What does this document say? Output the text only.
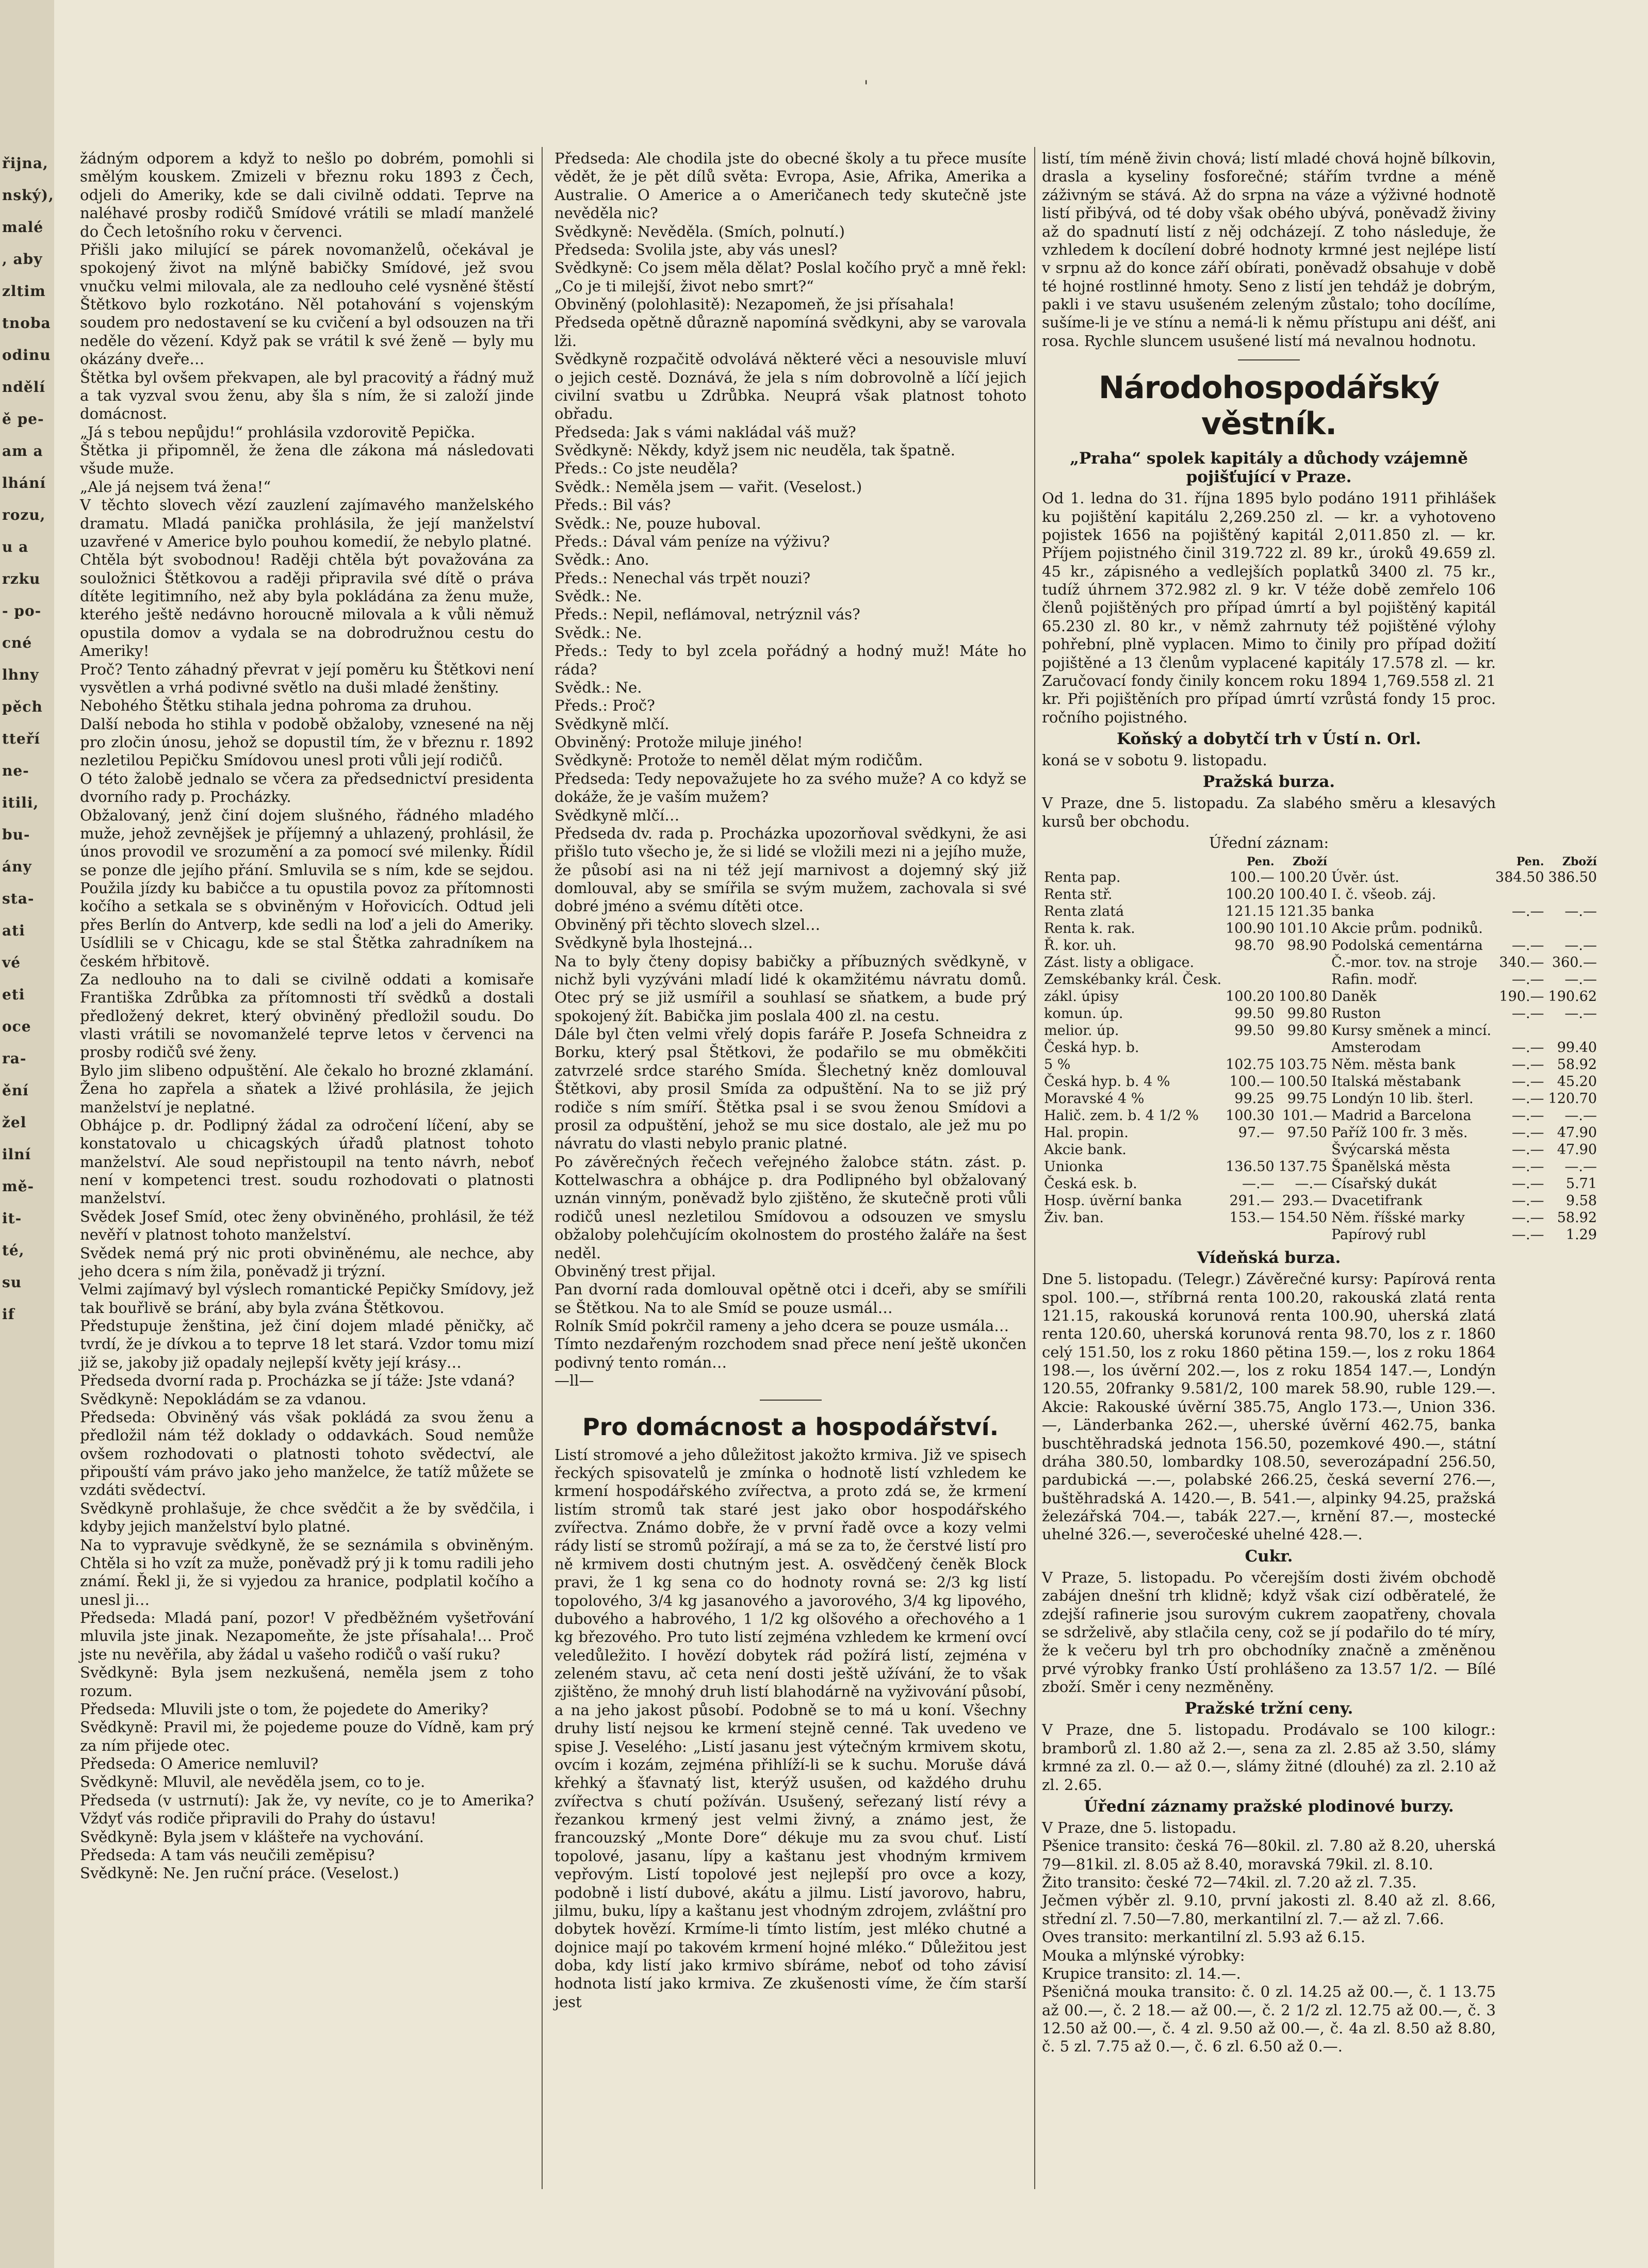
řijna,
nský),
malé
, aby
zltim
tnoba
odinu
ndělí
ě pe-
am a
lhání
rozu,
u a
rzku
- po-
cné
lhny
pěch
tteří
ne-
itili,
bu-
ány
sta-
ati
vé
eti
oce
ra-
ění
žel
ilní
mě-
it-
té,
su
if
'

žádným odporem a když to nešlo po dobrém, pomohli si smělým kouskem. Zmizeli v březnu roku 1893 z Čech, odjeli do Ameriky, kde se dali civilně oddati. Teprve na naléhavé prosby rodičů Smídové vrátili se mladí manželé do Čech letošního roku v červenci.
Přišli jako milující se párek novomanželů, očekával je spokojený život na mlýně babičky Smídové, jež svou vnučku velmi milovala, ale za nedlouho celé vysněné štěstí Štětkovo bylo rozkotáno. Něl potahování s vojenským soudem pro nedostavení se ku cvičení a byl odsouzen na tři neděle do vězení. Když pak se vrátil k své ženě — byly mu okázány dveře…
Štětka byl ovšem překvapen, ale byl pracovitý a řádný muž a tak vyzval svou ženu, aby šla s ním, že si založí jinde domácnost.
„Já s tebou nepůjdu!“ prohlásila vzdorovitě Pepička.
Štětka ji připomněl, že žena dle zákona má následovati všude muže.
„Ale já nejsem tvá žena!“
V těchto slovech vězí zauzlení zajímavého manželského dramatu. Mladá panička prohlásila, že její manželství uzavřené v Americe bylo pouhou komedií, že nebylo platné.
Chtěla být svobodnou! Raději chtěla být považována za souložnici Štětkovou a raději připravila své dítě o práva dítěte legitimního, než aby byla pokládána za ženu muže, kterého ještě nedávno horoucně milovala a k vůli němuž opustila domov a vydala se na dobrodružnou cestu do Ameriky!
Proč? Tento záhadný převrat v její poměru ku Štětkovi není vysvětlen a vrhá podivné světlo na duši mladé ženštiny.
Nebohého Štětku stihala jedna pohroma za druhou.
Další neboda ho stihla v podobě obžaloby, vznesené na něj pro zločin únosu, jehož se dopustil tím, že v březnu r. 1892 nezletilou Pepičku Smídovou unesl proti vůli její rodičů.
O této žalobě jednalo se včera za předsednictví presidenta dvorního rady p. Procházky.
Obžalovaný, jenž činí dojem slušného, řádného mladého muže, jehož zevnějšek je příjemný a uhlazený, prohlásil, že únos provodil ve srozumění a za pomocí své milenky. Řídil se ponze dle jejího přání. Smluvila se s ním, kde se sejdou. Použila jízdy ku babičce a tu opustila povoz za přítomnosti kočího a setkala se s obviněným v Hořovicích. Odtud jeli přes Berlín do Antverp, kde sedli na loď a jeli do Ameriky. Usídlili se v Chicagu, kde se stal Štětka zahradníkem na českém hřbitově.
Za nedlouho na to dali se civilně oddati a komisaře Františka Zdrůbka za přítomnosti tří svědků a dostali předložený dekret, který obviněný předložil soudu. Do vlasti vrátili se novomanželé teprve letos v červenci na prosby rodičů své ženy.
Bylo jim slibeno odpuštění. Ale čekalo ho brozné zklamání. Žena ho zapřela a sňatek a lživé prohlásila, že jejich manželství je neplatné.
Obhájce p. dr. Podlipný žádal za odročení líčení, aby se konstatovalo u chicagských úřadů platnost tohoto manželství. Ale soud nepřistoupil na tento návrh, neboť není v kompetenci trest. soudu rozhodovati o platnosti manželství.
Svědek Josef Smíd, otec ženy obviněného, prohlásil, že též nevěří v platnost tohoto manželství.
Svědek nemá prý nic proti obviněnému, ale nechce, aby jeho dcera s ním žila, poněvadž ji trýzní.
Velmi zajímavý byl výslech romantické Pepičky Smídovy, jež tak bouřlivě se brání, aby byla zvána Štětkovou.
Předstupuje ženština, jež činí dojem mladé pěničky, ač tvrdí, že je dívkou a to teprve 18 let stará. Vzdor tomu mizí již se, jakoby již opadaly nejlepší květy její krásy…
Předseda dvorní rada p. Procházka se jí táže: Jste vdaná?
Svědkyně: Nepokládám se za vdanou.
Předseda: Obviněný vás však pokládá za svou ženu a předložil nám též doklady o oddavkách. Soud nemůže ovšem rozhodovati o platnosti tohoto svědectví, ale připouští vám právo jako jeho manželce, že tatíž můžete se vzdáti svědectví.
Svědkyně prohlašuje, že chce svědčit a že by svědčila, i kdyby jejich manželství bylo platné.
Na to vypravuje svědkyně, že se seznámila s obviněným. Chtěla si ho vzít za muže, poněvadž prý ji k tomu radili jeho známí. Řekl ji, že si vyjedou za hranice, podplatil kočího a unesl ji…
Předseda: Mladá paní, pozor! V předběžném vyšetřování mluvila jste jinak. Nezapomeňte, že jste přísahala!… Proč jste nu nevěřila, aby žádal u vašeho rodičů o vaší ruku?
Svědkyně: Byla jsem nezkušená, neměla jsem z toho rozum.
Předseda: Mluvili jste o tom, že pojedete do Ameriky?
Svědkyně: Pravil mi, že pojedeme pouze do Vídně, kam prý za ním přijede otec.
Předseda: O Americe nemluvil?
Svědkyně: Mluvil, ale nevěděla jsem, co to je.
Předseda (v ustrnutí): Jak že, vy nevíte, co je to Amerika? Vždyť vás rodiče připravili do Prahy do ústavu!
Svědkyně: Byla jsem v klášteře na vychování.
Předseda: A tam vás neučili zeměpisu?
Svědkyně: Ne. Jen ruční práce. (Veselost.)

Předseda: Ale chodila jste do obecné školy a tu přece musíte vědět, že je pět dílů světa: Evropa, Asie, Afrika, Amerika a Australie. O Americe a o Američanech tedy skutečně jste nevěděla nic?
Svědkyně: Nevěděla. (Smích, polnutí.)
Předseda: Svolila jste, aby vás unesl?
Svědkyně: Co jsem měla dělat? Poslal kočího pryč a mně řekl: „Co je ti milejší, život nebo smrt?“
Obviněný (polohlasitě): Nezapomeň, že jsi přísahala!
Předseda opětně důrazně napomíná svědkyni, aby se varovala lži.
Svědkyně rozpačitě odvolává některé věci a nesouvisle mluví o jejich cestě. Doznává, že jela s ním dobrovolně a líčí jejich civilní svatbu u Zdrůbka. Neuprá však platnost tohoto obřadu.
Předseda: Jak s vámi nakládal váš muž?
Svědkyně: Někdy, když jsem nic neuděla, tak špatně.
Předs.: Co jste neuděla?
Svědk.: Neměla jsem — vařit. (Veselost.)
Předs.: Bil vás?
Svědk.: Ne, pouze huboval.
Předs.: Dával vám peníze na výživu?
Svědk.: Ano.
Předs.: Nenechal vás trpět nouzi?
Svědk.: Ne.
Předs.: Nepil, neflámoval, netrýznil vás?
Svědk.: Ne.
Předs.: Tedy to byl zcela pořádný a hodný muž! Máte ho ráda?
Svědk.: Ne.
Předs.: Proč?
Svědkyně mlčí.
Obviněný: Protože miluje jiného!
Svědkyně: Protože to neměl dělat mým rodičům.
Předseda: Tedy nepovažujete ho za svého muže? A co když se dokáže, že je vaším mužem?
Svědkyně mlčí…
Předseda dv. rada p. Procházka upozorňoval svědkyni, že asi přišlo tuto všecho je, že si lidé se vložili mezi ni a jejího muže, že působí asi na ni též její marnivost a dojemný ský již domlouval, aby se smířila se svým mužem, zachovala si své dobré jméno a svému dítěti otce.
Obviněný při těchto slovech slzel…
Svědkyně byla lhostejná…
Na to byly čteny dopisy babičky a příbuzných svědkyně, v nichž byli vyzýváni mladí lidé k okamžitému návratu domů. Otec prý se již usmířil a souhlasí se sňatkem, a bude prý spokojený žít. Babička jim poslala 400 zl. na cestu.
Dále byl čten velmi vřelý dopis faráře P. Josefa Schneidra z Borku, který psal Štětkovi, že podařilo se mu obměkčiti zatvrzelé srdce starého Smída. Šlechetný kněz domlouval Štětkovi, aby prosil Smída za odpuštění. Na to se již prý rodiče s ním smíří. Štětka psal i se svou ženou Smídovi a prosil za odpuštění, jehož se mu sice dostalo, ale jež mu po návratu do vlasti nebylo pranic platné.
Po závěrečných řečech veřejného žalobce státn. zást. p. Kottelwaschra a obhájce p. dra Podlipného byl obžalovaný uznán vinným, poněvadž bylo zjištěno, že skutečně proti vůli rodičů unesl nezletilou Smídovou a odsouzen ve smyslu obžaloby polehčujícím okolnostem do prostého žaláře na šest neděl.
Obviněný trest přijal.
Pan dvorní rada domlouval opětně otci i dceři, aby se smířili se Štětkou. Na to ale Smíd se pouze usmál…
Rolník Smíd pokrčil rameny a jeho dcera se pouze usmála…
Tímto nezdařeným rozchodem snad přece není ještě ukončen podivný tento román…
—ll—

Pro domácnost a hospodářství.

Listí stromové a jeho důležitost jakožto krmiva. Již ve spisech řeckých spisovatelů je zmínka o hodnotě listí vzhledem ke krmení hospodářského zvířectva, a proto zdá se, že krmení listím stromů tak staré jest jako obor hospodářského zvířectva. Známo dobře, že v první řadě ovce a kozy velmi rády listí se stromů požírají, a má se za to, že čerstvé listí pro ně krmivem dosti chutným jest. A. osvědčený čeněk Block pravi, že 1 kg sena co do hodnoty rovná se: 2/3 kg listí topolového, 3/4 kg jasanového a javorového, 3/4 kg lipového, dubového a habrového, 1 1/2 kg olšového a ořechového a 1 kg březového. Pro tuto listí zejména vzhledem ke krmení ovcí veledůležito. I hovězí dobytek rád požírá listí, zejména v zeleném stavu, ač ceta není dosti ještě užívání, že to však zjištěno, že mnohý druh listí blahodárně na vyživování působí, a na jeho jakost působí. Podobně se to má u koní. Všechny druhy listí nejsou ke krmení stejně cenné. Tak uvedeno ve spise J. Veselého: „Listí jasanu jest výtečným krmivem skotu, ovcím i kozám, zejména přihlíží-li se k suchu. Moruše dává křehký a šťavnatý list, kterýž usušen, od každého druhu zvířectva s chutí požíván. Usušený, seřezaný listí révy a řezankou krmený jest velmi živný, a známo jest, že francouzský „Monte Dore“ dékuje mu za svou chuť. Listí topolové, jasanu, lípy a kaštanu jest vhodným krmivem vepřovým. Listí topolové jest nejlepší pro ovce a kozy, podobně i listí dubové, akátu a jilmu. Listí javorovo, habru, jilmu, buku, lípy a kaštanu jest vhodným zdrojem, zvláštní pro dobytek hovězí. Krmíme-li tímto listím, jest mléko chutné a dojnice mají po takovém krmení hojné mléko.“ Důležitou jest doba, kdy listí jako krmivo sbíráme, neboť od toho závisí hodnota listí jako krmiva. Ze zkušenosti víme, že čím starší jest

listí, tím méně živin chová; listí mladé chová hojně bílkovin, drasla a kyseliny fosforečné; stářím tvrdne a méně záživným se stává. Až do srpna na váze a výživné hodnotě listí přibývá, od té doby však obého ubývá, poněvadž živiny až do spadnutí listí z něj odcházejí. Z toho následuje, že vzhledem k docílení dobré hodnoty krmné jest nejlépe listí v srpnu až do konce září obírati, poněvadž obsahuje v době té hojné rostlinné hmoty. Seno z listí jen tehdáž je dobrým, pakli i ve stavu usušeném zeleným zůstalo; toho docílíme, sušíme-li je ve stínu a nemá-li k němu přístupu ani déšť, ani rosa. Rychle sluncem usušené listí má nevalnou hodnotu.

Národohospodářský věstník.
„Praha“ spolek kapitály a důchody vzájemně pojišťující v Praze.

Od 1. ledna do 31. října 1895 bylo podáno 1911 přihlášek ku pojištění kapitálu 2,269.250 zl. — kr. a vyhotoveno pojistek 1656 na pojištěný kapitál 2,011.850 zl. — kr. Příjem pojistného činil 319.722 zl. 89 kr., úroků 49.659 zl. 45 kr., zápisného a vedlejších poplatků 3400 zl. 75 kr., tudíž úhrnem 372.982 zl. 9 kr. V téže době zemřelo 106 členů pojištěných pro případ úmrtí a byl pojištěný kapitál 65.230 zl. 80 kr., v němž zahrnuty též pojištěné výlohy pohřební, plně vyplacen. Mimo to činily pro případ dožití pojištěné a 13 členům vyplacené kapitály 17.578 zl. — kr. Zaručovací fondy činily koncem roku 1894 1,769.558 zl. 21 kr. Při pojištěních pro případ úmrtí vzrůstá fondy 15 proc. ročního pojistného.

Koňský a dobytčí trh v Ústí n. Orl.

koná se v sobotu 9. listopadu.

Pražská burza.

V Praze, dne 5. listopadu. Za slabého směru a klesavých kursů ber obchodu.

Úřední záznam:
	Pen.	Zboží		Pen.	Zboží
Renta pap.	100.—	100.20	Úvěr. úst.	384.50	386.50
Renta stř.	100.20	100.40	I. č. všeob. záj.		
Renta zlatá	121.15	121.35	banka	—.—	—.—
Renta k. rak.	100.90	101.10	Akcie prům. podniků.		
Ř. kor. uh.	98.70	98.90	Podolská cementárna	—.—	—.—
Zást. listy a obligace.			Č.-mor. tov. na stroje	340.—	360.—
Zemskébanky král. Česk.			Rafin. modř.	—.—	—.—
zákl. úpisy	100.20	100.80	Daněk	190.—	190.62
komun. úp.	99.50	99.80	Ruston	—.—	—.—
melior. úp.	99.50	99.80	Kursy směnek a mincí.		
Česká hyp. b.			Amsterodam	—.—	99.40
5 %	102.75	103.75	Něm. města bank	—.—	58.92
Česká hyp. b. 4 %	100.—	100.50	Italská městabank	—.—	45.20
Moravské 4 %	99.25	99.75	Londýn 10 lib. šterl.	—.—	120.70
Halič. zem. b. 4 1/2 %	100.30	101.—	Madrid a Barcelona	—.—	—.—
Hal. propin.	97.—	97.50	Paříž 100 fr. 3 měs.	—.—	47.90
Akcie bank.			Švýcarská města	—.—	47.90
Unionka	136.50	137.75	Španělská města	—.—	—.—
Česká esk. b.	—.—	—.—	Císařský dukát	—.—	5.71
Hosp. úvěrní banka	291.—	293.—	Dvacetifrank	—.—	9.58
Živ. ban.	153.—	154.50	Něm. říšské marky	—.—	58.92
			Papírový rubl	—.—	1.29
Vídeňská burza.

Dne 5. listopadu. (Telegr.) Závěrečné kursy: Papírová renta spol. 100.—, stříbrná renta 100.20, rakouská zlatá renta 121.15, rakouská korunová renta 100.90, uherská zlatá renta 120.60, uherská korunová renta 98.70, los z r. 1860 celý 151.50, los z roku 1860 pětina 159.—, los z roku 1864 198.—, los úvěrní 202.—, los z roku 1854 147.—, Londýn 120.55, 20franky 9.581/2, 100 marek 58.90, ruble 129.—. Akcie: Rakouské úvěrní 385.75, Anglo 173.—, Union 336.—, Länderbanka 262.—, uherské úvěrní 462.75, banka buschtěhradská jednota 156.50, pozemkové 490.—, státní dráha 380.50, lombardky 108.50, severozápadní 256.50, pardubická —.—, polabské 266.25, česká severní 276.—, buštěhradská A. 1420.—, B. 541.—, alpinky 94.25, pražská železářská 704.—, tabák 227.—, krnění 87.—, mostecké uhelné 326.—, severočeské uhelné 428.—.

Cukr.

V Praze, 5. listopadu. Po včerejším dosti živém obchodě zabájen dnešní trh klidně; když však cizí odběratelé, že zdejší rafinerie jsou surovým cukrem zaopatřeny, chovala se sdrželivě, aby stlačila ceny, což se jí podařilo do té míry, že k večeru byl trh pro obchodníky značně a změněnou prvé výrobky franko Ústí prohlášeno za 13.57 1/2. — Bílé zboží. Směr i ceny nezměněny.

Pražské tržní ceny.

V Praze, dne 5. listopadu. Prodávalo se 100 kilogr.: bramborů zl. 1.80 až 2.—, sena za zl. 2.85 až 3.50, slámy krmné za zl. 0.— až 0.—, slámy žitné (dlouhé) za zl. 2.10 až zl. 2.65.

Úřední záznamy pražské plodinové burzy.

V Praze, dne 5. listopadu.
Pšenice transito: česká 76—80kil. zl. 7.80 až 8.20, uherská 79—81kil. zl. 8.05 až 8.40, moravská 79kil. zl. 8.10.
Žito transito: české 72—74kil. zl. 7.20 až zl. 7.35.
Ječmen výběr zl. 9.10, první jakosti zl. 8.40 až zl. 8.66, střední zl. 7.50—7.80, merkantilní zl. 7.— až zl. 7.66.
Oves transito: merkantilní zl. 5.93 až 6.15.
Mouka a mlýnské výrobky:
Krupice transito: zl. 14.—.
Pšeničná mouka transito: č. 0 zl. 14.25 až 00.—, č. 1 13.75 až 00.—, č. 2 18.— až 00.—, č. 2 1/2 zl. 12.75 až 00.—, č. 3 12.50 až 00.—, č. 4 zl. 9.50 až 00.—, č. 4a zl. 8.50 až 8.80, č. 5 zl. 7.75 až 0.—, č. 6 zl. 6.50 až 0.—.
